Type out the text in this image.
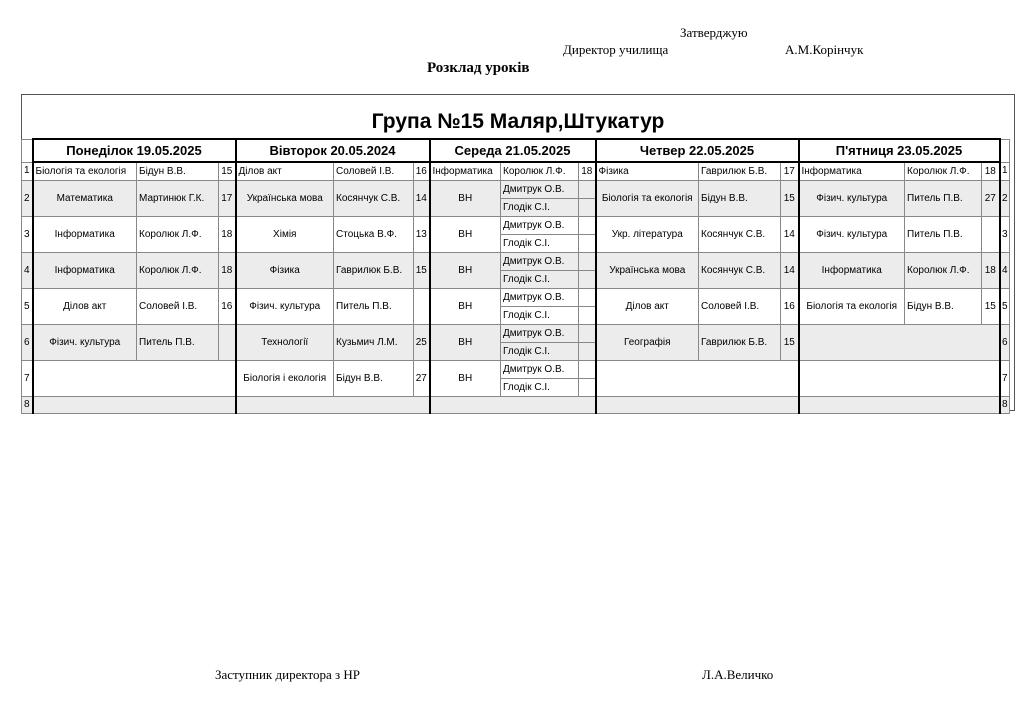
Затверджую
Директор училища	А.М.Корінчук
Розклад уроків
Група №15 Маляр,Штукатур
	Понеділок 19.05.2025			Вівторок 20.05.2024			Середа 21.05.2025			Четвер 22.05.2025			П'ятниця 23.05.2025			
1	Біологія та екологія	Бідун В.В.	15	Ділов акт	Соловей І.В.	16	Інформатика	Королюк Л.Ф.	18	Фізика	Гаврилюк Б.В.	17	Інформатика	Королюк Л.Ф.	18	1
2	Математика	Мартинюк Г.К.	17	Українська мова	Косянчук С.В.	14	ВН	Дмитрук О.В.		Біологія та екологія	Бідун В.В.	15	Фізич. культура	Питель П.В.	27	2
								Глодік С.І.								
3	Інформатика	Королюк Л.Ф.	18	Хімія	Стоцька В.Ф.	13	ВН	Дмитрук О.В.		Укр. література	Косянчук С.В.	14	Фізич. культура	Питель П.В.		3
								Глодік С.І.								
4	Інформатика	Королюк Л.Ф.	18	Фізика	Гаврилюк Б.В.	15	ВН	Дмитрук О.В.		Українська мова	Косянчук С.В.	14	Інформатика	Королюк Л.Ф.	18	4
								Глодік С.І.								
5	Ділов акт	Соловей І.В.	16	Фізич. культура	Питель П.В.		ВН	Дмитрук О.В.		Ділов акт	Соловей І.В.	16	Біологія та екологія	Бідун В.В.	15	5
								Глодік С.І.								
6	Фізич. культура	Питель П.В.		Технології	Кузьмич Л.М.	25	ВН	Дмитрук О.В.		Географія	Гаврилюк Б.В.	15				6
								Глодік С.І.								
7				Біологія і екологія	Бідун В.В.	27	ВН	Дмитрук О.В.								7
								Глодік С.І.								
8																8
Заступник директора з НР	Л.А.Величко
